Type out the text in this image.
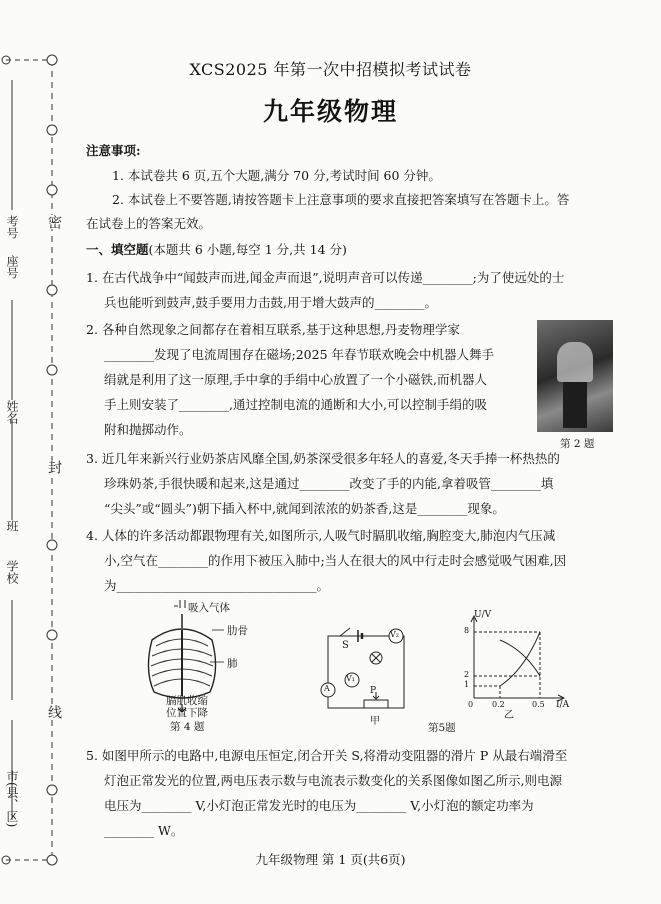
考号
座号
姓名
班
学校
市(县、区)
密
封
线
XCS2025 年第一次中招模拟考试试卷
九年级物理
注意事项:
1. 本试卷共 6 页,五个大题,满分 70 分,考试时间 60 分钟。
2. 本试卷上不要答题,请按答题卡上注意事项的要求直接把答案填写在答题卡上。答
在试卷上的答案无效。
一、填空题(本题共 6 小题,每空 1 分,共 14 分)
1. 在古代战争中“闻鼓声而进,闻金声而退”,说明声音可以传递________;为了使远处的士
兵也能听到鼓声,鼓手要用力击鼓,用于增大鼓声的________。
2. 各种自然现象之间都存在着相互联系,基于这种思想,丹麦物理学家
________发现了电流周围存在磁场;2025 年春节联欢晚会中机器人舞手
绢就是利用了这一原理,手中拿的手绢中心放置了一个小磁铁,而机器人
手上则安装了________,通过控制电流的通断和大小,可以控制手绢的吸
附和抛掷动作。
第 2 题
3. 近几年来新兴行业奶茶店风靡全国,奶茶深受很多年轻人的喜爱,冬天手捧一杯热热的
珍珠奶茶,手很快暖和起来,这是通过________改变了手的内能,拿着吸管________填
“尖头”或“圆头”)朝下插入杯中,就闻到浓浓的奶茶香,这是________现象。
4. 人体的许多活动都跟物理有关,如图所示,人吸气时膈肌收缩,胸腔变大,肺泡内气压减
小,空气在________的作用下被压入肺中;当人在很大的风中行走时会感觉吸气困难,因
为________________________________。
吸入气体
肋骨
肺
膈肌收缩
位置下降
第 4 题
S
V₂
V₁
A	P
甲
第5题
U/V
I/A
8
2
1
0 0.2	0.5
乙
5. 如图甲所示的电路中,电源电压恒定,闭合开关 S,将滑动变阻器的滑片 P 从最右端滑至
灯泡正常发光的位置,两电压表示数与电流表示数变化的关系图像如图乙所示,则电源
电压为________ V,小灯泡正常发光时的电压为________ V,小灯泡的额定功率为
________ W。
九年级物理 第 1 页(共6页)
